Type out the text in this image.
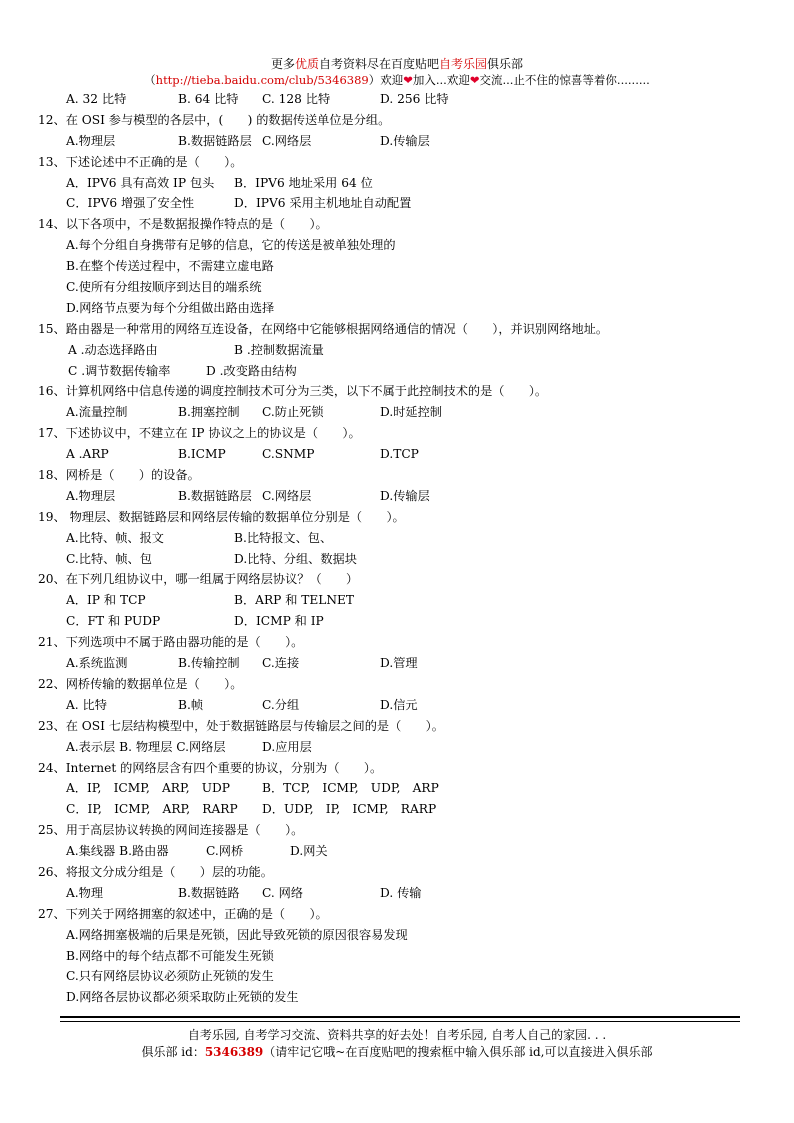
更多优质自考资料尽在百度贴吧自考乐园俱乐部
（http://tieba.baidu.com/club/5346389）欢迎❤加入...欢迎❤交流...止不住的惊喜等着你.........
A. 32 比特	B. 64 比特 C. 128 比特	D. 256 比特
12、在 OSI 参与模型的各层中，(　　) 的数据传送单位是分组。
A.物理层	B.数据链路层 C.网络层	D.传输层
13、下述论述中不正确的是（　　）。
A．IPV6 具有高效 IP 包头 B．IPV6 地址采用 64 位
C．IPV6 增强了安全性	D．IPV6 采用主机地址自动配置
14、以下各项中，不是数据报操作特点的是（　　）。
A.每个分组自身携带有足够的信息，它的传送是被单独处理的
B.在整个传送过程中，不需建立虚电路
C.使所有分组按顺序到达目的端系统
D.网络节点要为每个分组做出路由选择
15、路由器是一种常用的网络互连设备，在网络中它能够根据网络通信的情况（　　），并识别网络地址。
A .动态选择路由	B .控制数据流量
C .调节数据传输率	D .改变路由结构
16、计算机网络中信息传递的调度控制技术可分为三类，以下不属于此控制技术的是（　　）。
A.流量控制	B.拥塞控制 C.防止死锁	D.时延控制
17、下述协议中，不建立在 IP 协议之上的协议是（　　）。
A .ARP	B.ICMP	C.SNMP	D.TCP
18、网桥是（　　）的设备。
A.物理层	B.数据链路层 C.网络层	D.传输层
19、 物理层、数据链路层和网络层传输的数据单位分别是（　　）。
A.比特、帧、报文	B.比特报文、包、
C.比特、帧、包	D.比特、分组、数据块
20、在下列几组协议中，哪一组属于网络层协议？（　　）
A．IP 和 TCP	B．ARP 和 TELNET
C．FT 和 PUDP	D．ICMP 和 IP
21、下列选项中不属于路由器功能的是（　　）。
A.系统监测	B.传输控制 C.连接	D.管理
22、网桥传输的数据单位是（　　）。
A. 比特	B.帧	C.分组	D.信元
23、在 OSI 七层结构模型中，处于数据链路层与传输层之间的是（　　）。
A.表示层 B. 物理层 C.网络层	D.应用层
24、Internet 的网络层含有四个重要的协议，分别为（　　）。
A．IP,　ICMP,　ARP,　UDP	B．TCP,　ICMP,　UDP,　ARP
C．IP,　ICMP,　ARP,　RARP D．UDP,　IP,　ICMP,　RARP
25、用于高层协议转换的网间连接器是（　　）。
A.集线器 B.路由器	C.网桥	D.网关
26、将报文分成分组是（　　）层的功能。
A.物理	B.数据链路 C. 网络	D. 传输
27、下列关于网络拥塞的叙述中，正确的是（　　）。
A.网络拥塞极端的后果是死锁，因此导致死锁的原因很容易发现
B.网络中的每个结点都不可能发生死锁
C.只有网络层协议必须防止死锁的发生
D.网络各层协议都必须采取防止死锁的发生
自考乐园, 自考学习交流、资料共享的好去处！自考乐园, 自考人自己的家园. . .
俱乐部 id：5346389（请牢记它哦~在百度贴吧的搜索框中输入俱乐部 id,可以直接进入俱乐部
